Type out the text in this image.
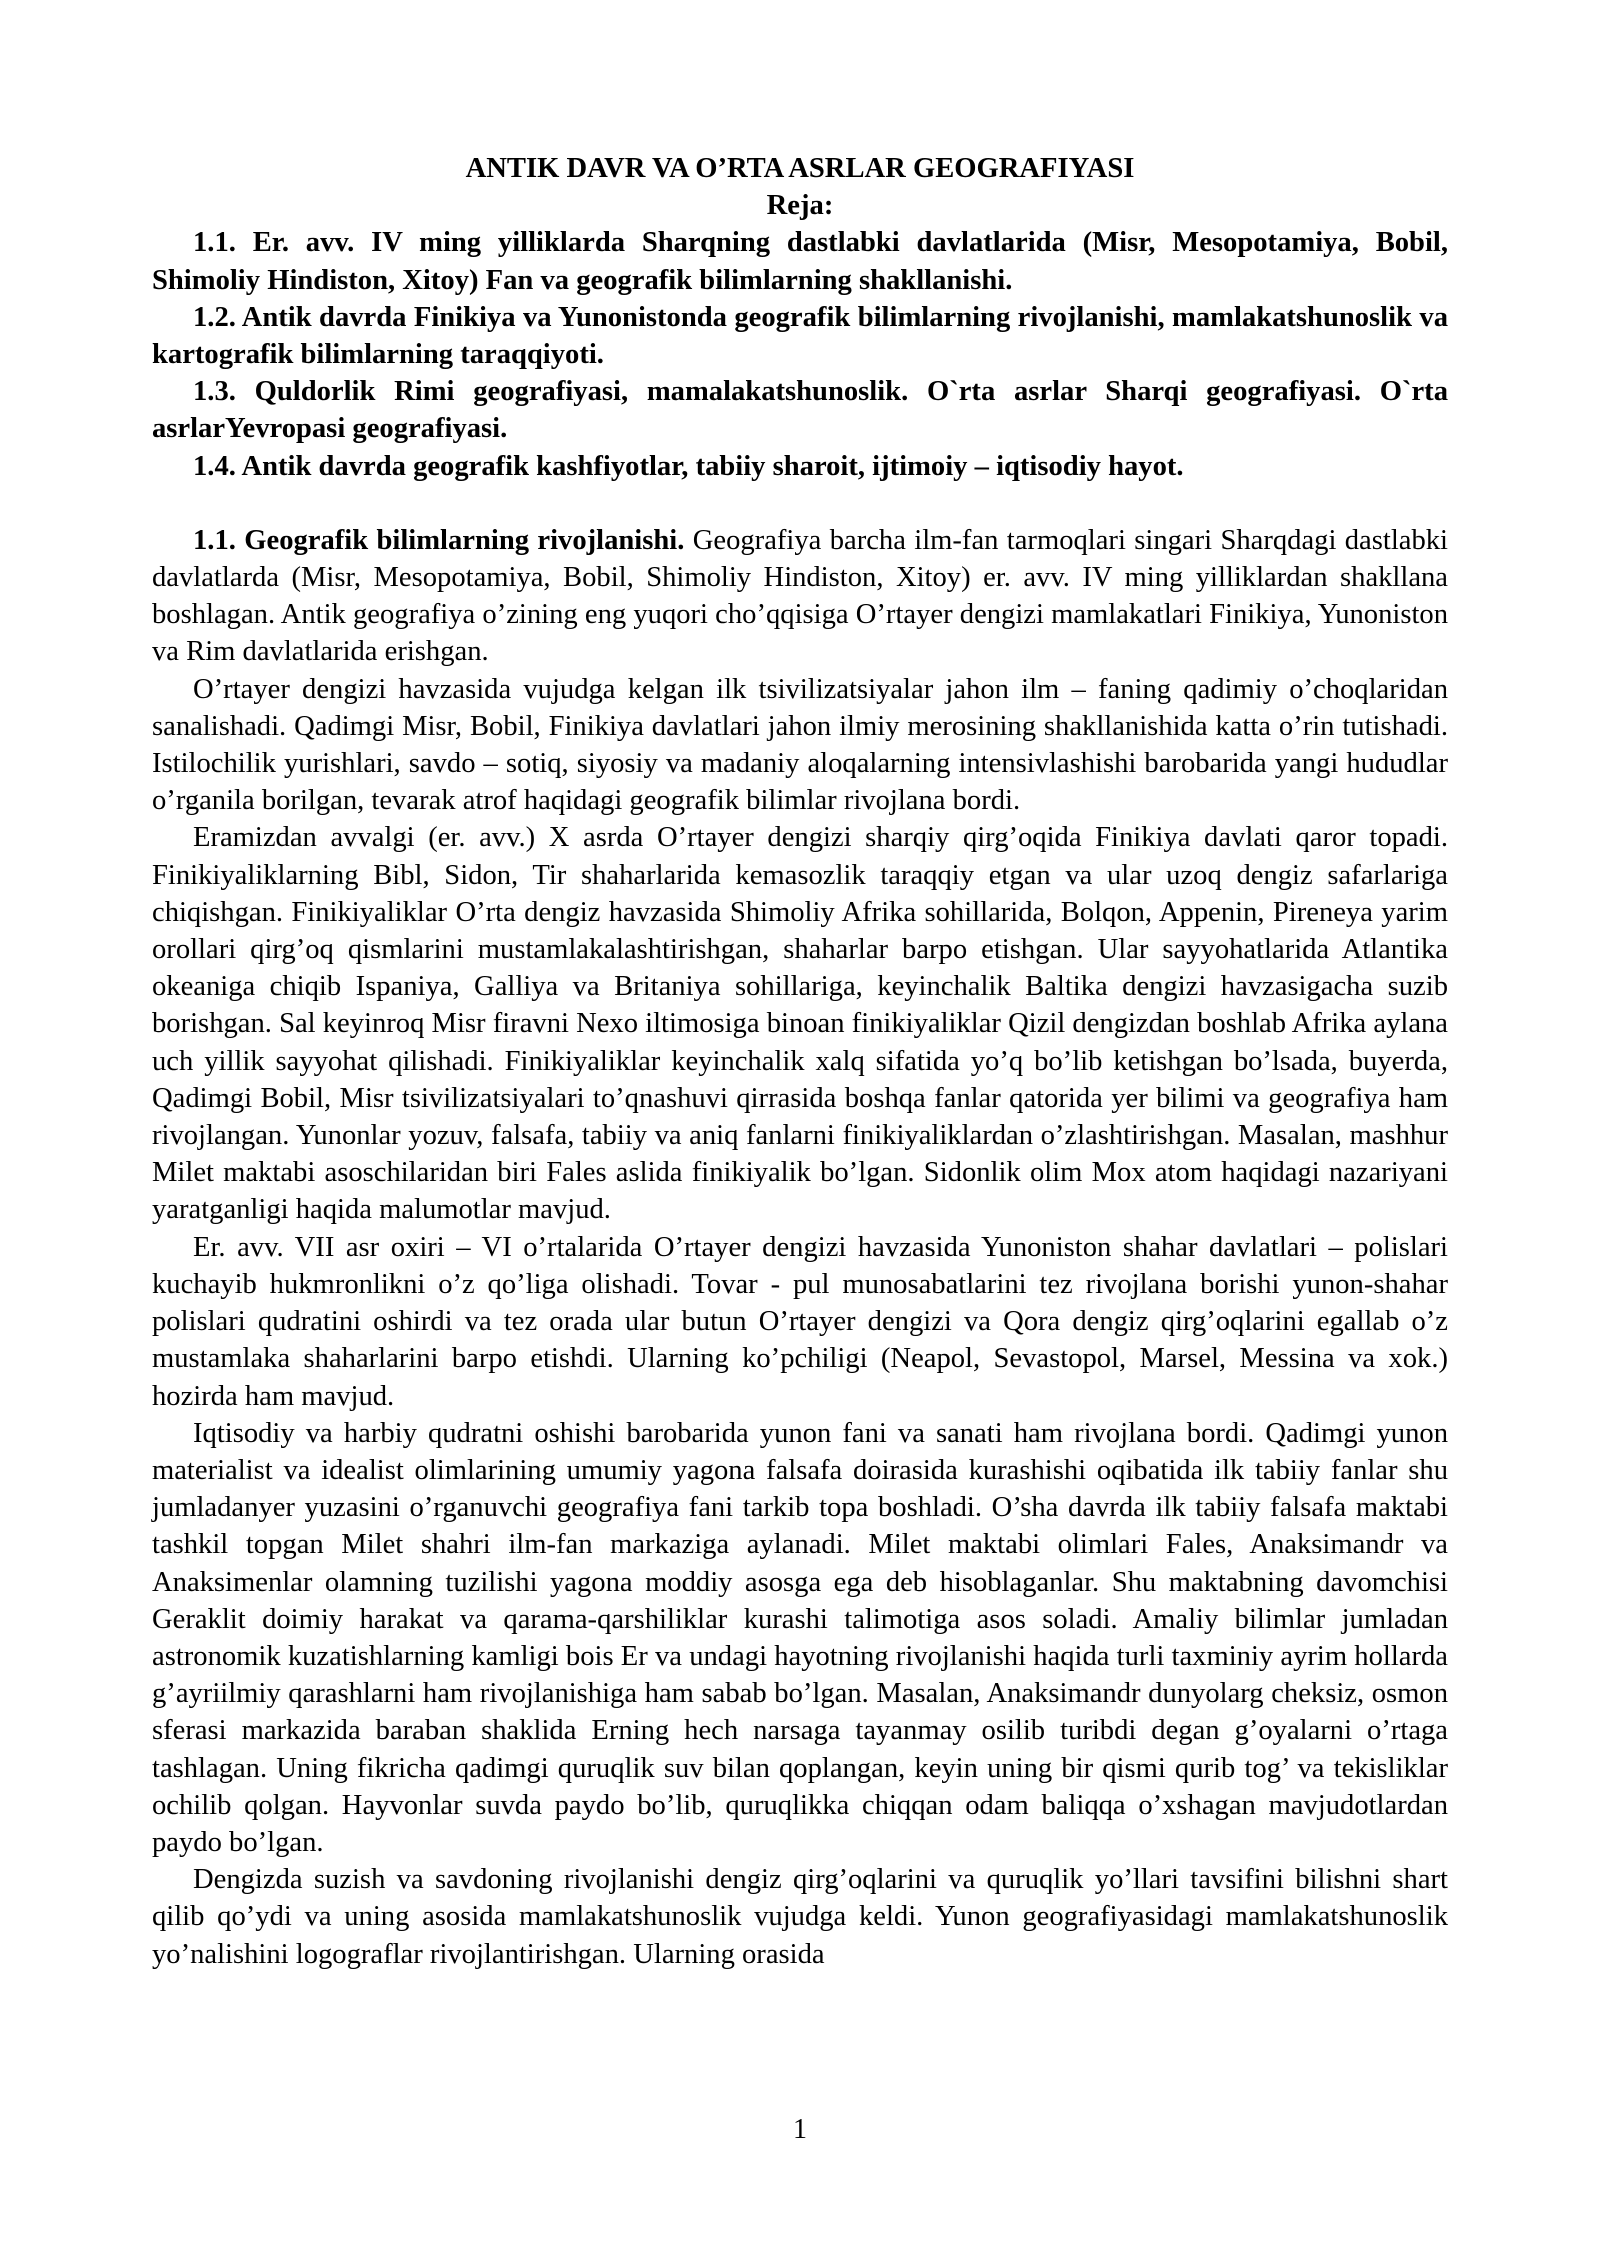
ANTIK DAVR VA O’RTA ASRLAR GEOGRAFIYASI
Reja:

1.1. Er. avv. IV ming yilliklarda Sharqning dastlabki davlatlarida (Misr, Mesopotamiya, Bobil, Shimoliy Hindiston, Xitoy) Fan va geografik bilimlarning shakllanishi.

1.2. Antik davrda Finikiya va Yunonistonda geografik bilimlarning rivojlanishi, mamlakatshunoslik va kartografik bilimlarning taraqqiyoti.

1.3. Quldorlik Rimi geografiyasi, mamalakatshunoslik. O`rta asrlar Sharqi geografiyasi. O`rta asrlarYevropasi geografiyasi.

1.4. Antik davrda geografik kashfiyotlar, tabiiy sharoit, ijtimoiy – iqtisodiy hayot.

1.1. Geografik bilimlarning rivojlanishi. Geografiya barcha ilm-fan tarmoqlari singari Sharqdagi dastlabki davlatlarda (Misr, Mesopotamiya, Bobil, Shimoliy Hindiston, Xitoy) er. avv. IV ming yilliklardan shakllana boshlagan. Antik geografiya o’zining eng yuqori cho’qqisiga O’rtayer dengizi mamlakatlari Finikiya, Yunoniston va Rim davlatlarida erishgan.

O’rtayer dengizi havzasida vujudga kelgan ilk tsivilizatsiyalar jahon ilm – faning qadimiy o’choqlaridan sanalishadi. Qadimgi Misr, Bobil, Finikiya davlatlari jahon ilmiy merosining shakllanishida katta o’rin tutishadi. Istilochilik yurishlari, savdo – sotiq, siyosiy va madaniy aloqalarning intensivlashishi barobarida yangi hududlar o’rganila borilgan, tevarak atrof haqidagi geografik bilimlar rivojlana bordi.

Eramizdan avvalgi (er. avv.) X asrda O’rtayer dengizi sharqiy qirg’oqida Finikiya davlati qaror topadi. Finikiyaliklarning Bibl, Sidon, Tir shaharlarida kemasozlik taraqqiy etgan va ular uzoq dengiz safarlariga chiqishgan. Finikiyaliklar O’rta dengiz havzasida Shimoliy Afrika sohillarida, Bolqon, Appenin, Pireneya yarim orollari qirg’oq qismlarini mustamlakalashtirishgan, shaharlar barpo etishgan. Ular sayyohatlarida Atlantika okeaniga chiqib Ispaniya, Galliya va Britaniya sohillariga, keyinchalik Baltika dengizi havzasigacha suzib borishgan. Sal keyinroq Misr firavni Nexo iltimosiga binoan finikiyaliklar Qizil dengizdan boshlab Afrika aylana uch yillik sayyohat qilishadi. Finikiyaliklar keyinchalik xalq sifatida yo’q bo’lib ketishgan bo’lsada, buyerda, Qadimgi Bobil, Misr tsivilizatsiyalari to’qnashuvi qirrasida boshqa fanlar qatorida yer bilimi va geografiya ham rivojlangan. Yunonlar yozuv, falsafa, tabiiy va aniq fanlarni finikiyaliklardan o’zlashtirishgan. Masalan, mashhur Milet maktabi asoschilaridan biri Fales aslida finikiyalik bo’lgan. Sidonlik olim Mox atom haqidagi nazariyani yaratganligi haqida malumotlar mavjud.

Er. avv. VII asr oxiri – VI o’rtalarida O’rtayer dengizi havzasida Yunoniston shahar davlatlari – polislari kuchayib hukmronlikni o’z qo’liga olishadi. Tovar - pul munosabatlarini tez rivojlana borishi yunon-shahar polislari qudratini oshirdi va tez orada ular butun O’rtayer dengizi va Qora dengiz qirg’oqlarini egallab o’z mustamlaka shaharlarini barpo etishdi. Ularning ko’pchiligi (Neapol, Sevastopol, Marsel, Messina va xok.) hozirda ham mavjud.

Iqtisodiy va harbiy qudratni oshishi barobarida yunon fani va sanati ham rivojlana bordi. Qadimgi yunon materialist va idealist olimlarining umumiy yagona falsafa doirasida kurashishi oqibatida ilk tabiiy fanlar shu jumladanyer yuzasini o’rganuvchi geografiya fani tarkib topa boshladi. O’sha davrda ilk tabiiy falsafa maktabi tashkil topgan Milet shahri ilm-fan markaziga aylanadi. Milet maktabi olimlari Fales, Anaksimandr va Anaksimenlar olamning tuzilishi yagona moddiy asosga ega deb hisoblaganlar. Shu maktabning davomchisi Geraklit doimiy harakat va qarama-qarshiliklar kurashi talimotiga asos soladi. Amaliy bilimlar jumladan astronomik kuzatishlarning kamligi bois Er va undagi hayotning rivojlanishi haqida turli taxminiy ayrim hollarda g’ayriilmiy qarashlarni ham rivojlanishiga ham sabab bo’lgan. Masalan, Anaksimandr dunyolarg cheksiz, osmon sferasi markazida baraban shaklida Erning hech narsaga tayanmay osilib turibdi degan g’oyalarni o’rtaga tashlagan. Uning fikricha qadimgi quruqlik suv bilan qoplangan, keyin uning bir qismi qurib tog’ va tekisliklar ochilib qolgan. Hayvonlar suvda paydo bo’lib, quruqlikka chiqqan odam baliqqa o’xshagan mavjudotlardan paydo bo’lgan.

Dengizda suzish va savdoning rivojlanishi dengiz qirg’oqlarini va quruqlik yo’llari tavsifini bilishni shart qilib qo’ydi va uning asosida mamlakatshunoslik vujudga keldi. Yunon geografiyasidagi mamlakatshunoslik yo’nalishini logograflar rivojlantirishgan. Ularning orasida

1
